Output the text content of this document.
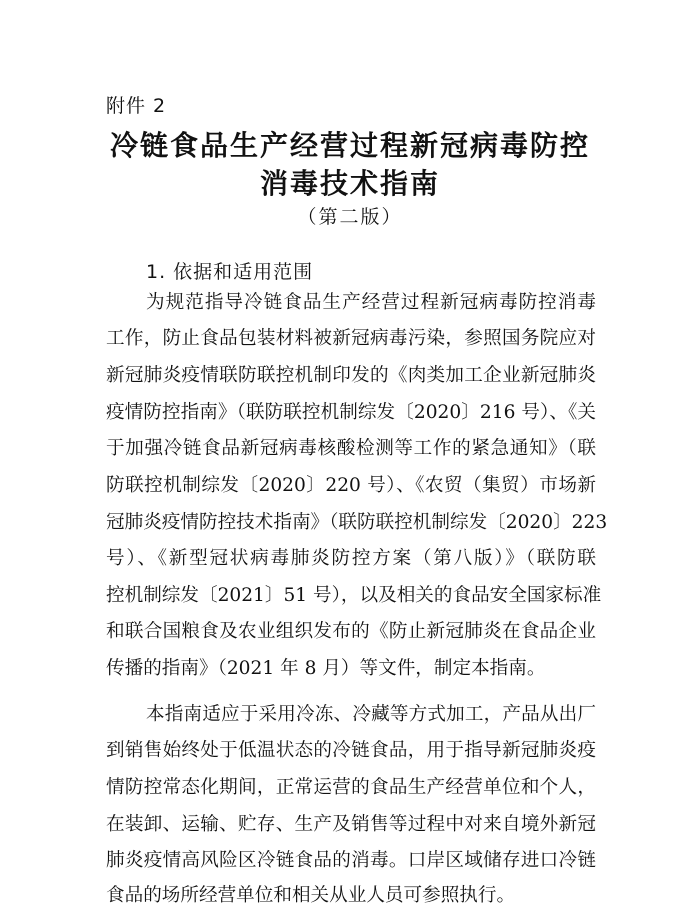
附件 2
冷链食品生产经营过程新冠病毒防控
消毒技术指南
（第二版）
1. 依据和适用范围
为规范指导冷链食品生产经营过程新冠病毒防控消毒
工作，防止食品包装材料被新冠病毒污染，参照国务院应对
新冠肺炎疫情联防联控机制印发的《肉类加工企业新冠肺炎
疫情防控指南》（联防联控机制综发〔2020〕216 号）、《关
于加强冷链食品新冠病毒核酸检测等工作的紧急通知》（联
防联控机制综发〔2020〕220 号）、《农贸（集贸）市场新
冠肺炎疫情防控技术指南》（联防联控机制综发〔2020〕223
号）、《新型冠状病毒肺炎防控方案（第八版）》（联防联
控机制综发〔2021〕51 号），以及相关的食品安全国家标准
和联合国粮食及农业组织发布的《防止新冠肺炎在食品企业
传播的指南》（2021 年 8 月）等文件，制定本指南。
本指南适应于采用冷冻、冷藏等方式加工，产品从出厂
到销售始终处于低温状态的冷链食品，用于指导新冠肺炎疫
情防控常态化期间，正常运营的食品生产经营单位和个人，
在装卸、运输、贮存、生产及销售等过程中对来自境外新冠
肺炎疫情高风险区冷链食品的消毒。口岸区域储存进口冷链
食品的场所经营单位和相关从业人员可参照执行。
